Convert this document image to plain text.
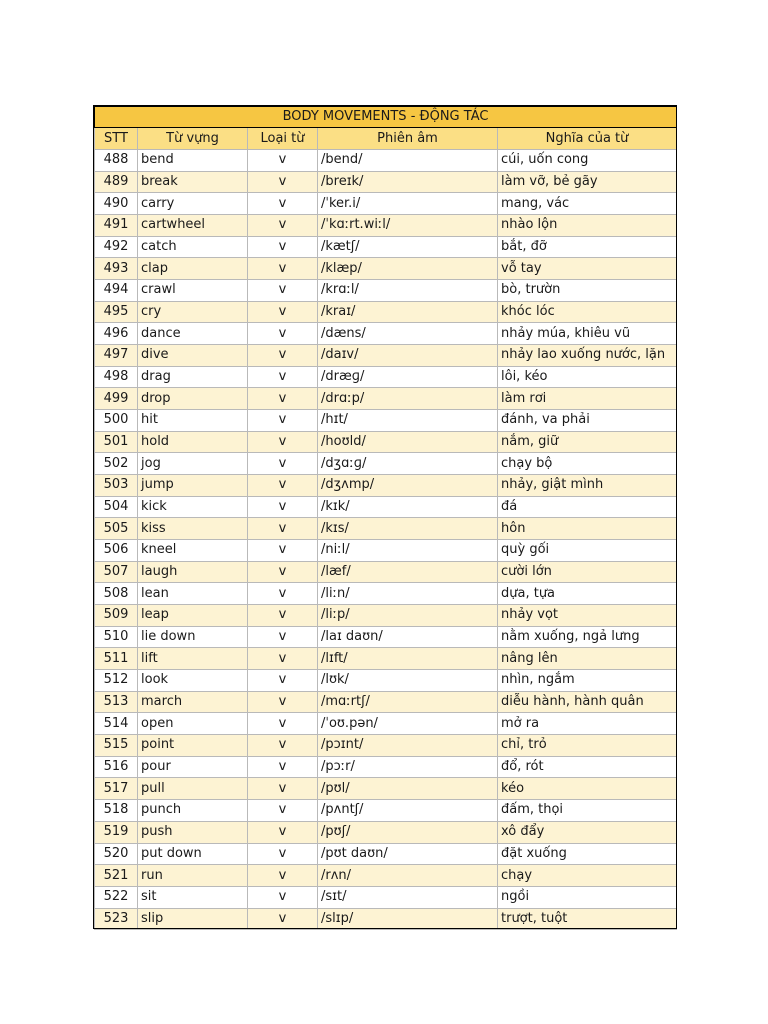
BODY MOVEMENTS - ĐỘNG TÁC				
STT	Từ vựng	Loại từ	Phiên âm	Nghĩa của từ
488	bend	v	/bend/	cúi, uốn cong
489	break	v	/breɪk/	làm vỡ, bẻ gãy
490	carry	v	/ˈker.i/	mang, vác
491	cartwheel	v	/ˈkɑːrt.wiːl/	nhào lộn
492	catch	v	/kætʃ/	bắt, đỡ
493	clap	v	/klæp/	vỗ tay
494	crawl	v	/krɑːl/	bò, trườn
495	cry	v	/kraɪ/	khóc lóc
496	dance	v	/dæns/	nhảy múa, khiêu vũ
497	dive	v	/daɪv/	nhảy lao xuống nước, lặn
498	drag	v	/dræɡ/	lôi, kéo
499	drop	v	/drɑːp/	làm rơi
500	hit	v	/hɪt/	đánh, va phải
501	hold	v	/hoʊld/	nắm, giữ
502	jog	v	/dʒɑːɡ/	chạy bộ
503	jump	v	/dʒʌmp/	nhảy, giật mình
504	kick	v	/kɪk/	đá
505	kiss	v	/kɪs/	hôn
506	kneel	v	/niːl/	quỳ gối
507	laugh	v	/læf/	cười lớn
508	lean	v	/liːn/	dựa, tựa
509	leap	v	/liːp/	nhảy vọt
510	lie down	v	/laɪ daʊn/	nằm xuống, ngả lưng
511	lift	v	/lɪft/	nâng lên
512	look	v	/lʊk/	nhìn, ngắm
513	march	v	/mɑːrtʃ/	diễu hành, hành quân
514	open	v	/ˈoʊ.pən/	mở ra
515	point	v	/pɔɪnt/	chỉ, trỏ
516	pour	v	/pɔːr/	đổ, rót
517	pull	v	/pʊl/	kéo
518	punch	v	/pʌntʃ/	đấm, thọi
519	push	v	/pʊʃ/	xô đẩy
520	put down	v	/pʊt daʊn/	đặt xuống
521	run	v	/rʌn/	chạy
522	sit	v	/sɪt/	ngồi
523	slip	v	/slɪp/	trượt, tuột
